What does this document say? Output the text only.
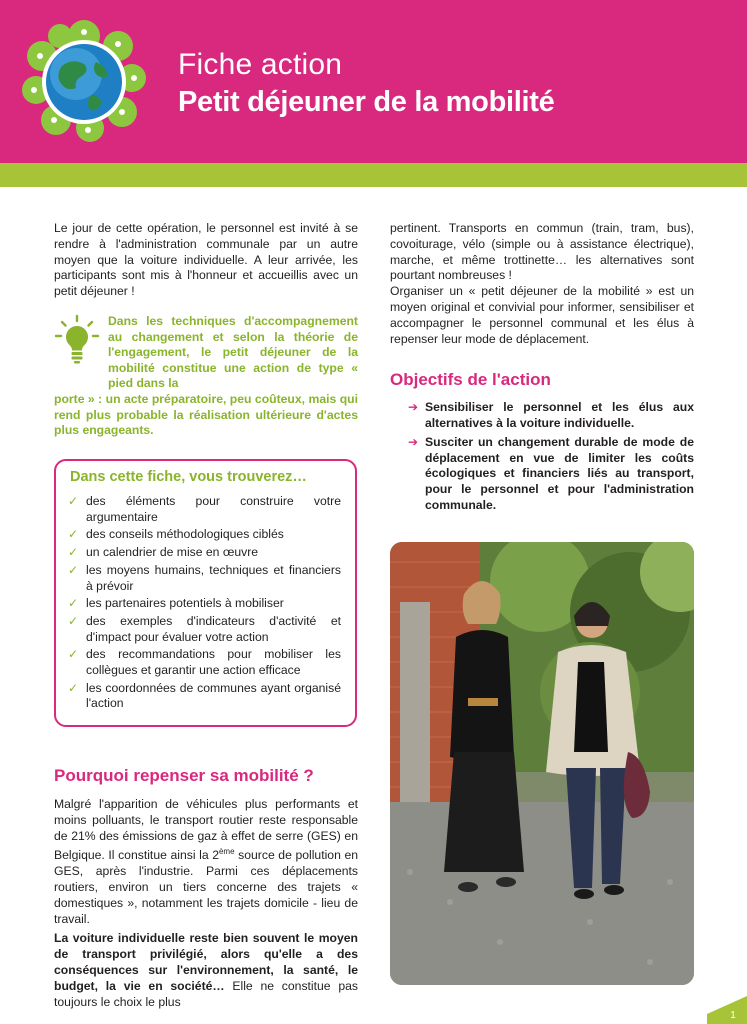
Fiche action
Petit déjeuner de la mobilité
Le jour de cette opération, le personnel est invité à se rendre à l'administration communale par un autre moyen que la voiture individuelle. A leur arrivée, les participants sont mis à l'honneur et accueillis avec un petit déjeuner !
Dans les techniques d'accompagnement au changement et selon la théorie de l'engagement, le petit déjeuner de la mobilité constitue une action de type « pied dans la
porte » : un acte préparatoire, peu coûteux, mais qui rend plus probable la réalisation ultérieure d'actes plus engageants.
Dans cette fiche, vous trouverez…
✓ des éléments pour construire votre argumentaire
✓ des conseils méthodologiques ciblés
✓ un calendrier de mise en œuvre
✓ les moyens humains, techniques et financiers à prévoir
✓ les partenaires potentiels à mobiliser
✓ des exemples d'indicateurs d'activité et d'impact pour évaluer votre action
✓ des recommandations pour mobiliser les collègues et garantir une action efficace
✓ les coordonnées de communes ayant organisé l'action
Pourquoi repenser sa mobilité ?

Malgré l'apparition de véhicules plus performants et moins polluants, le transport routier reste responsable de 21% des émissions de gaz à effet de serre (GES) en Belgique. Il constitue ainsi la 2ème source de pollution en GES, après l'industrie. Parmi ces déplacements routiers, environ un tiers concerne des trajets « domestiques », notamment les trajets domicile - lieu de travail.

La voiture individuelle reste bien souvent le moyen de transport privilégié, alors qu'elle a des conséquences sur l'environnement, la santé, le budget, la vie en société… Elle ne constitue pas toujours le choix le plus

pertinent. Transports en commun (train, tram, bus), covoiturage, vélo (simple ou à assistance électrique), marche, et même trottinette… les alternatives sont pourtant nombreuses !

Organiser un « petit déjeuner de la mobilité » est un moyen original et convivial pour informer, sensibiliser et accompagner le personnel communal et les élus à repenser leur mode de déplacement.

Objectifs de l'action
➔ Sensibiliser le personnel et les élus aux alternatives à la voiture individuelle.
➔ Susciter un changement durable de mode de déplacement en vue de limiter les coûts écologiques et financiers liés au transport, pour le personnel et pour l'administration communale.
1
